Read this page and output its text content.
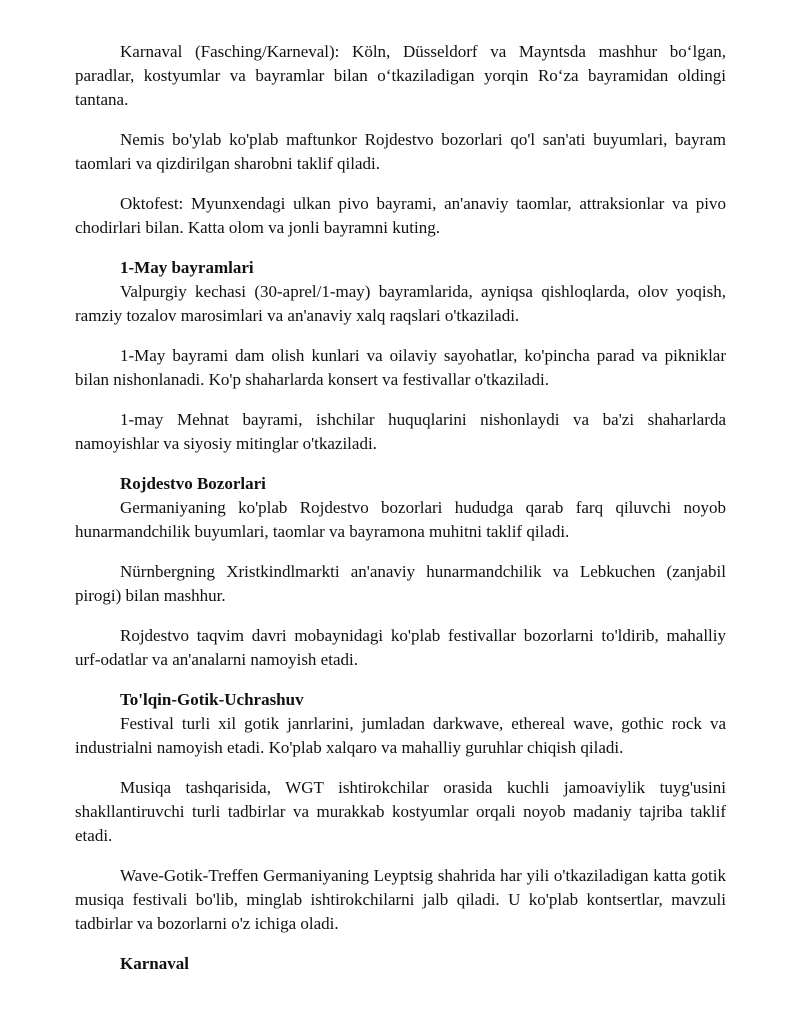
Karnaval (Fasching/Karneval): Köln, Düsseldorf va Mayntsda mashhur bo‘lgan, paradlar, kostyumlar va bayramlar bilan o‘tkaziladigan yorqin Ro‘za bayramidan oldingi tantana.

Nemis bo'ylab ko'plab maftunkor Rojdestvo bozorlari qo'l san'ati buyumlari, bayram taomlari va qizdirilgan sharobni taklif qiladi.

Oktofest: Myunxendagi ulkan pivo bayrami, an'anaviy taomlar, attraksionlar va pivo chodirlari bilan. Katta olom va jonli bayramni kuting.

1-May bayramlari

Valpurgiy kechasi (30-aprel/1-may) bayramlarida, ayniqsa qishloqlarda, olov yoqish, ramziy tozalov marosimlari va an'anaviy xalq raqslari o'tkaziladi.

1-May bayrami dam olish kunlari va oilaviy sayohatlar, ko'pincha parad va pikniklar bilan nishonlanadi. Ko'p shaharlarda konsert va festivallar o'tkaziladi.

1-may Mehnat bayrami, ishchilar huquqlarini nishonlaydi va ba'zi shaharlarda namoyishlar va siyosiy mitinglar o'tkaziladi.

Rojdestvo Bozorlari

Germaniyaning ko'plab Rojdestvo bozorlari hududga qarab farq qiluvchi noyob hunarmandchilik buyumlari, taomlar va bayramona muhitni taklif qiladi.

Nürnbergning Xristkindlmarkti an'anaviy hunarmandchilik va Lebkuchen (zanjabil pirogi) bilan mashhur.

Rojdestvo taqvim davri mobaynidagi ko'plab festivallar bozorlarni to'ldirib, mahalliy urf-odatlar va an'analarni namoyish etadi.

To'lqin-Gotik-Uchrashuv

Festival turli xil gotik janrlarini, jumladan darkwave, ethereal wave, gothic rock va industrialni namoyish etadi. Ko'plab xalqaro va mahalliy guruhlar chiqish qiladi.

Musiqa tashqarisida, WGT ishtirokchilar orasida kuchli jamoaviylik tuyg'usini shakllantiruvchi turli tadbirlar va murakkab kostyumlar orqali noyob madaniy tajriba taklif etadi.

Wave-Gotik-Treffen Germaniyaning Leyptsig shahrida har yili o'tkaziladigan katta gotik musiqa festivali bo'lib, minglab ishtirokchilarni jalb qiladi. U ko'plab kontsertlar, mavzuli tadbirlar va bozorlarni o'z ichiga oladi.

Karnaval
